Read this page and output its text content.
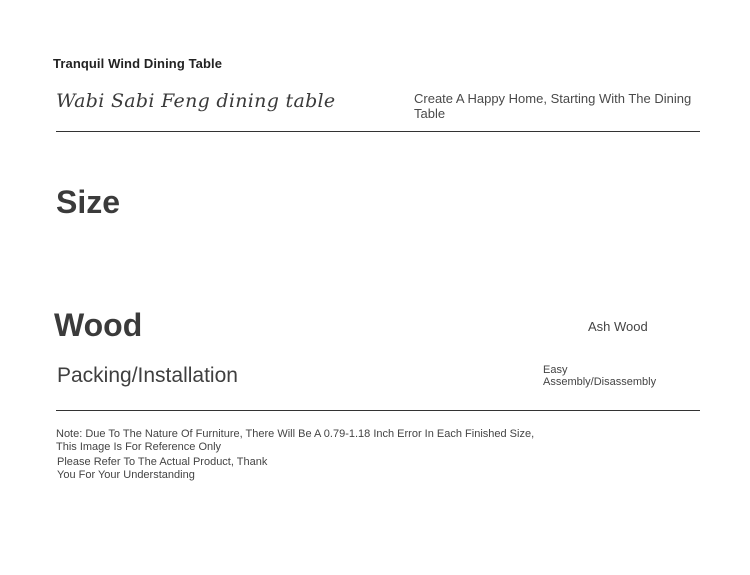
Tranquil Wind Dining Table
Wabi Sabi Feng dining table	Create A Happy Home, Starting With The Dining Table
Size
Wood	Ash Wood
Packing/Installation	Easy
Assembly/Disassembly
Note: Due To The Nature Of Furniture, There Will Be A 0.79-1.18 Inch Error In Each Finished Size,
This Image Is For Reference Only
Please Refer To The Actual Product, Thank
You For Your Understanding
